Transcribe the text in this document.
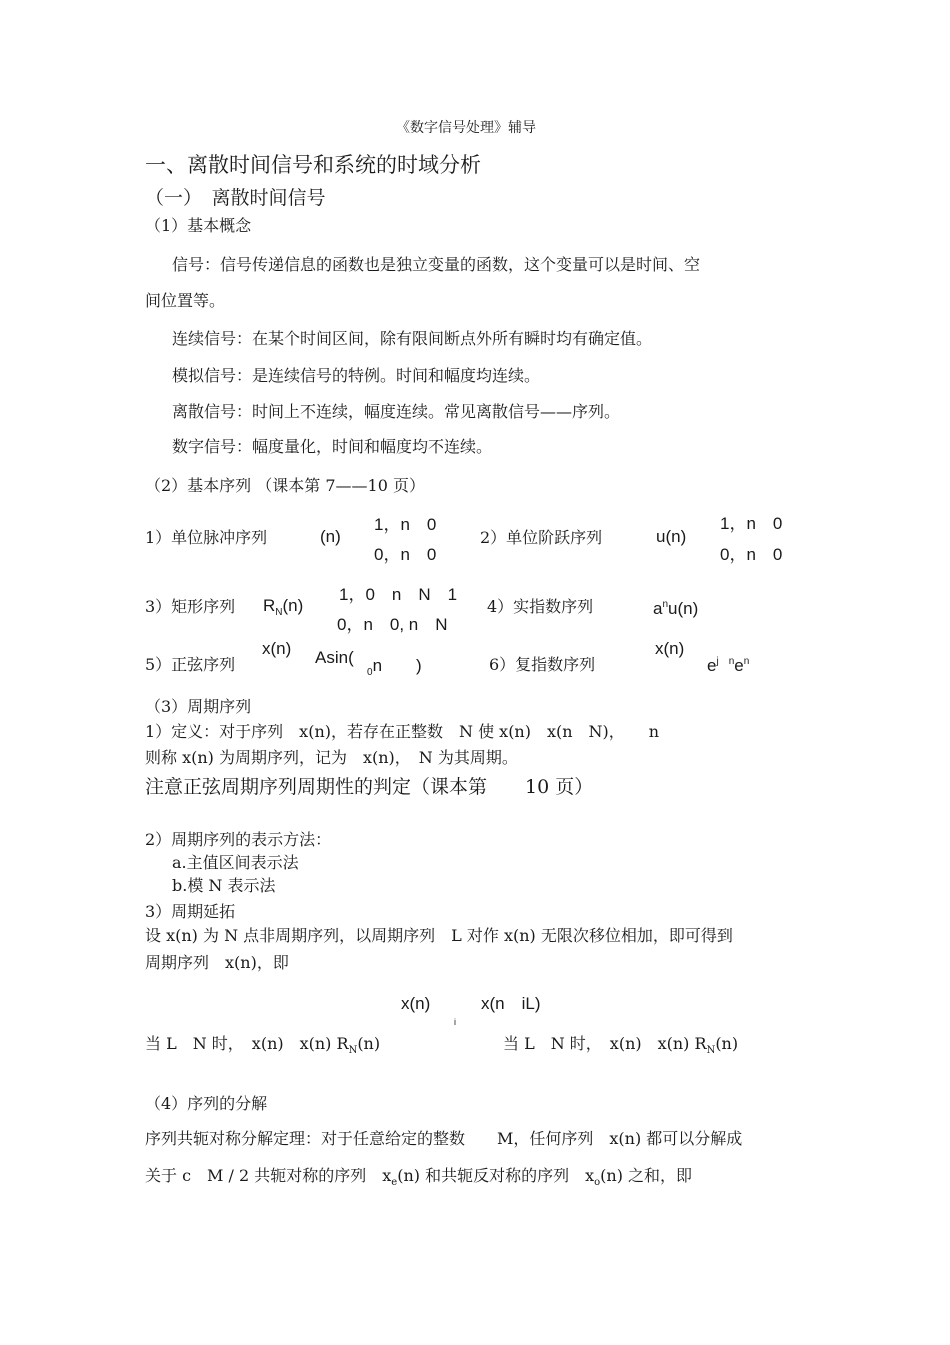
《数字信号处理》辅导
一、离散时间信号和系统的时域分析
（一）　离散时间信号
（1）基本概念
信号：信号传递信息的函数也是独立变量的函数，这个变量可以是时间、空
间位置等。
连续信号：在某个时间区间，除有限间断点外所有瞬时均有确定值。
模拟信号：是连续信号的特例。时间和幅度均连续。
离散信号：时间上不连续，幅度连续。常见离散信号——序列。
数字信号：幅度量化，时间和幅度均不连续。
（2）基本序列 （课本第 7——10 页）
1）单位脉冲序列	(n)
1，n　0
0，n　0
2）单位阶跃序列	u(n)
1，n　0
0，n　0
3）矩形序列 $R_N(n)$
1，0　n　N　1
0，n　0, n　N
4）实指数序列	$a^nu(n)$
x(n)
5）正弦序列	Asin(
$_0$n　　)
x(n)
6）复指数序列	$e^{j n}e^n$
（3）周期序列
1）定义：对于序列　x(n)，若存在正整数　N 使 x(n)　x(n　N)，　　n
则称 x(n) 为周期序列，记为　x(n)，　N 为其周期。
注意正弦周期序列周期性的判定（课本第　　10 页）
2）周期序列的表示方法：
a.主值区间表示法
b.模 N 表示法
3）周期延拓
设 x(n) 为 N 点非周期序列，以周期序列　L 对作 x(n) 无限次移位相加，即可得到
周期序列　x(n)，即
x(n)	x(n　iL)
i
当 L　N 时，　x(n)　x(n) $R_N(n)$	当 L　N 时，　x(n)　x(n) $R_N(n)$
（4）序列的分解
序列共轭对称分解定理：对于任意给定的整数　　M，任何序列　x(n) 都可以分解成
关于 c　M / 2 共轭对称的序列　$x_e(n)$ 和共轭反对称的序列　$x_o(n)$ 之和，即
